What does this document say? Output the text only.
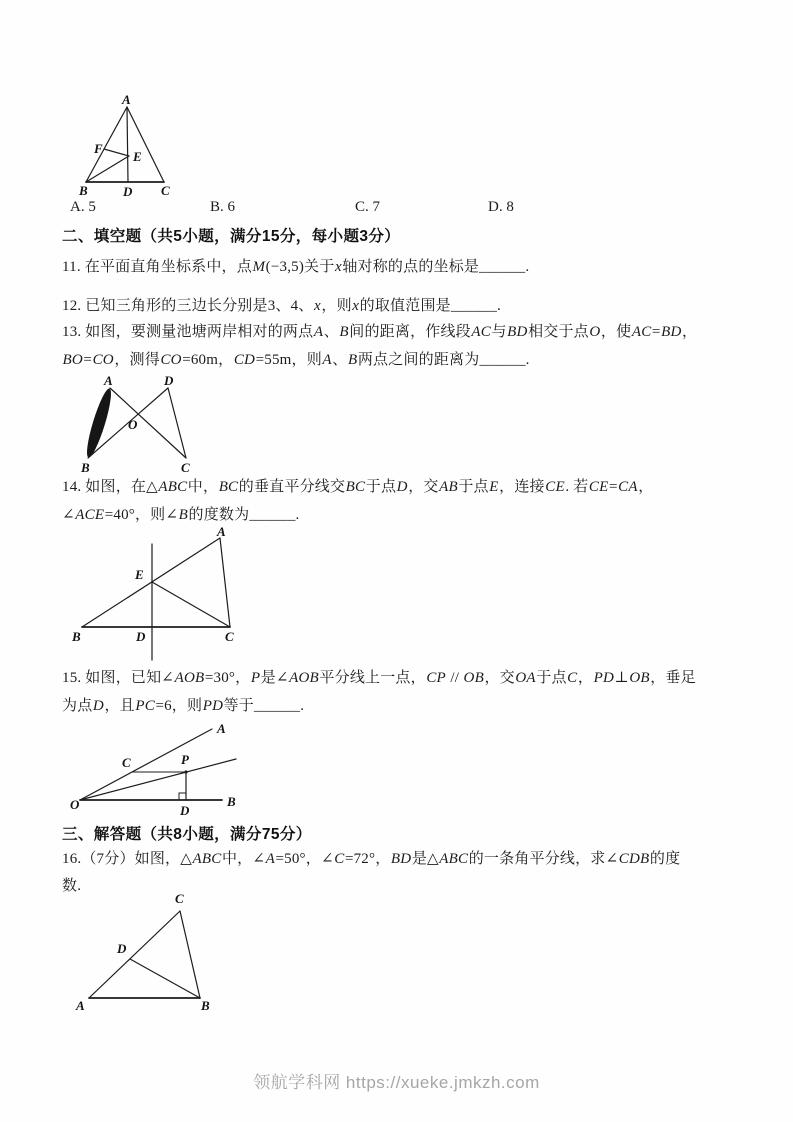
A
B	C
D
E
F
A. 5	B. 6	C. 7	D. 8
二、填空题（共5小题，满分15分，每小题3分）
11. 在平面直角坐标系中，点M(−3,5)关于x轴对称的点的坐标是______.
12. 已知三角形的三边长分别是3、4、x，则x的取值范围是______.
13. 如图，要测量池塘两岸相对的两点A、B间的距离，作线段AC与BD相交于点O，使AC=BD，
BO=CO，测得CO=60m，CD=55m，则A、B两点之间的距离为______.
A	D
O
B	C
14. 如图，在△ABC中，BC的垂直平分线交BC于点D，交AB于点E，连接CE. 若CE=CA，
∠ACE=40°，则∠B的度数为______.
A
B	C
D
E
15. 如图，已知∠AOB=30°，P是∠AOB平分线上一点，CP // OB，交OA于点C，PD⊥OB，垂足
为点D，且PC=6，则PD等于______.
A
C	P
O	D
B
三、解答题（共8小题，满分75分）
16.（7分）如图，△ABC中，∠A=50°，∠C=72°，BD是△ABC的一条角平分线，求∠CDB的度
数.
C
D
A	B
领航学科网 https://xueke.jmkzh.com
